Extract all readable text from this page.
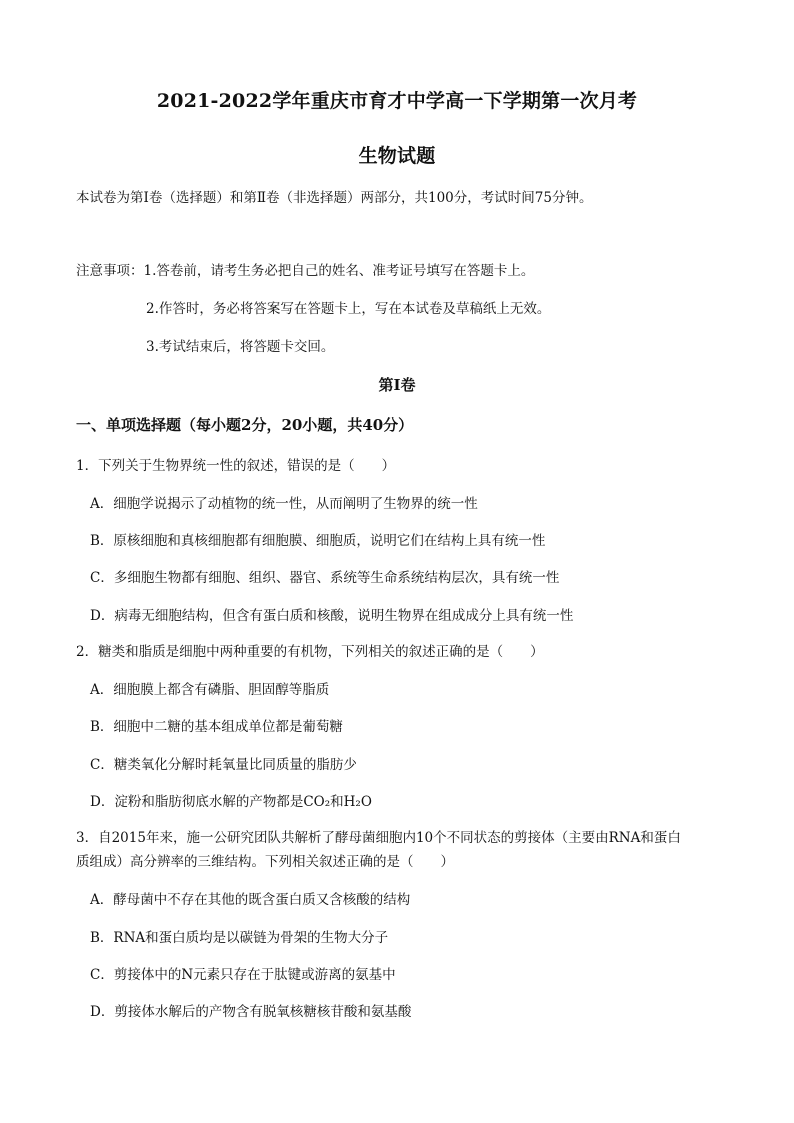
2021-2022学年重庆市育才中学高一下学期第一次月考
生物试题
本试卷为第Ⅰ卷（选择题）和第Ⅱ卷（非选择题）两部分，共100分，考试时间75分钟。
注意事项：1.答卷前，请考生务必把自己的姓名、准考证号填写在答题卡上。
2.作答时，务必将答案写在答题卡上，写在本试卷及草稿纸上无效。
3.考试结束后，将答题卡交回。
第Ⅰ卷
一、单项选择题（每小题2分，20小题，共40分）
1．下列关于生物界统一性的叙述，错误的是（　　）
A．细胞学说揭示了动植物的统一性，从而阐明了生物界的统一性
B．原核细胞和真核细胞都有细胞膜、细胞质，说明它们在结构上具有统一性
C．多细胞生物都有细胞、组织、器官、系统等生命系统结构层次，具有统一性
D．病毒无细胞结构，但含有蛋白质和核酸，说明生物界在组成成分上具有统一性
2．糖类和脂质是细胞中两种重要的有机物，下列相关的叙述正确的是（　　）
A．细胞膜上都含有磷脂、胆固醇等脂质
B．细胞中二糖的基本组成单位都是葡萄糖
C．糖类氧化分解时耗氧量比同质量的脂肪少
D．淀粉和脂肪彻底水解的产物都是CO₂和H₂O
3．自2015年来，施一公研究团队共解析了酵母菌细胞内10个不同状态的剪接体（主要由RNA和蛋白
质组成）高分辨率的三维结构。下列相关叙述正确的是（　　）
A．酵母菌中不存在其他的既含蛋白质又含核酸的结构
B．RNA和蛋白质均是以碳链为骨架的生物大分子
C．剪接体中的N元素只存在于肽键或游离的氨基中
D．剪接体水解后的产物含有脱氧核糖核苷酸和氨基酸
